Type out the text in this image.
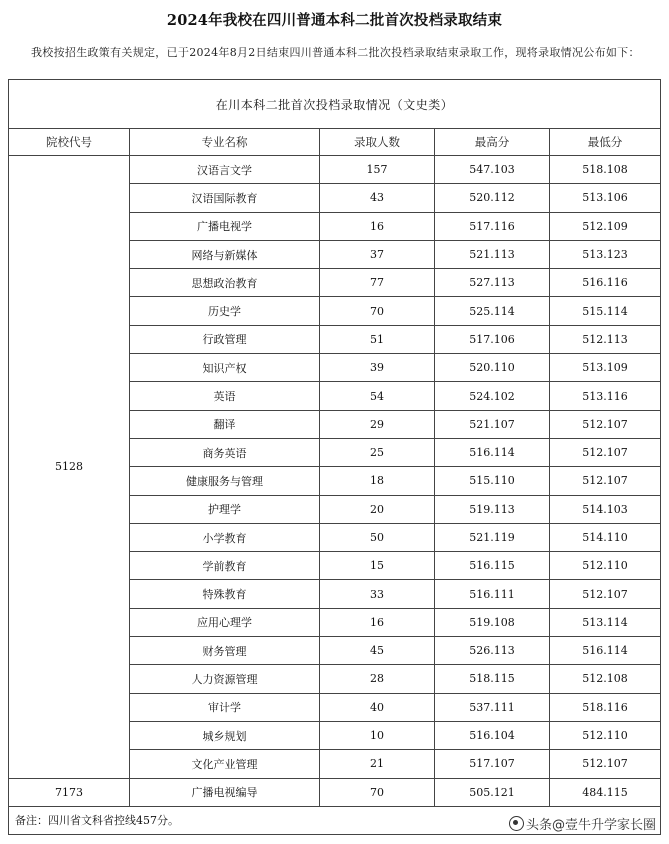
2024年我校在四川普通本科二批首次投档录取结束
我校按招生政策有关规定，已于2024年8月2日结束四川普通本科二批次投档录取结束录取工作，现将录取情况公布如下：
在川本科二批首次投档录取情况（文史类）				
院校代号	专业名称	录取人数	最高分	最低分
5128	汉语言文学	157	547.103	518.108
	汉语国际教育	43	520.112	513.106
	广播电视学	16	517.116	512.109
	网络与新媒体	37	521.113	513.123
	思想政治教育	77	527.113	516.116
	历史学	70	525.114	515.114
	行政管理	51	517.106	512.113
	知识产权	39	520.110	513.109
	英语	54	524.102	513.116
	翻译	29	521.107	512.107
	商务英语	25	516.114	512.107
	健康服务与管理	18	515.110	512.107
	护理学	20	519.113	514.103
	小学教育	50	521.119	514.110
	学前教育	15	516.115	512.110
	特殊教育	33	516.111	512.107
	应用心理学	16	519.108	513.114
	财务管理	45	526.113	516.114
	人力资源管理	28	518.115	512.108
	审计学	40	537.111	518.116
	城乡规划	10	516.104	512.110
	文化产业管理	21	517.107	512.107
7173	广播电视编导	70	505.121	484.115
备注：四川省文科省控线457分。					头条@壹牛升学家长圈
